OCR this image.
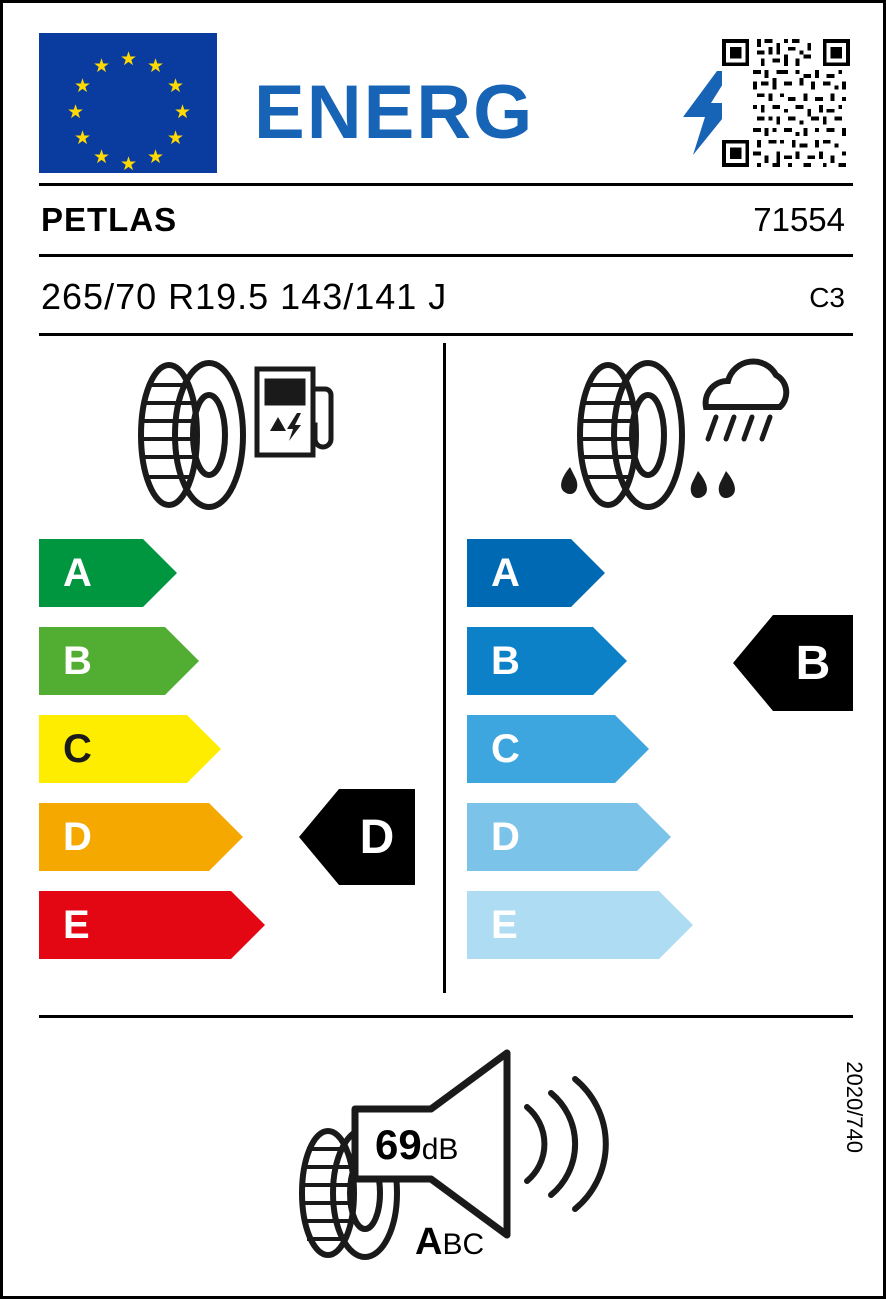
★ ★
★
★
★
★
★
★
★
★
★
★
ENERG
PETLAS	71554
265/70 R19.5 143/141 J	C3
A
B
C
D
E
D
A
B
C
D
E
B
69dB
ABC
2020/740
